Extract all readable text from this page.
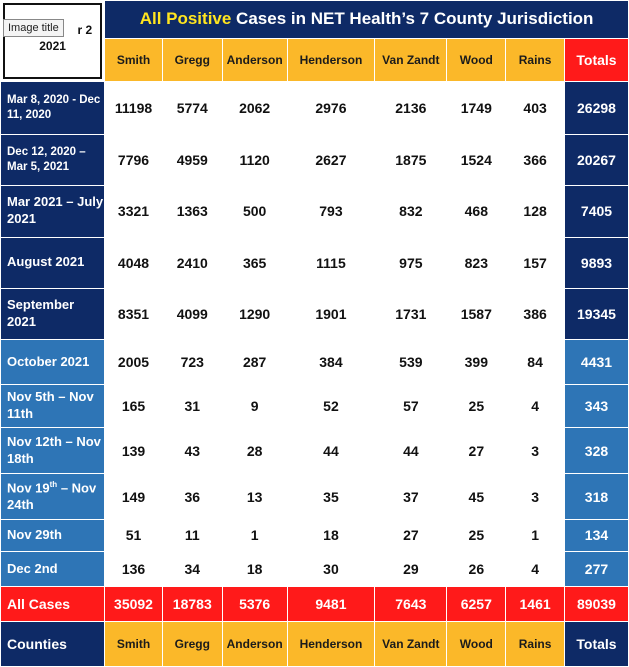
r 2
2021
Image title	All Positive Cases in NET Health’s 7 County Jurisdiction							
	Smith	Gregg	Anderson	Henderson	Van Zandt	Wood	Rains	Totals
Mar 8, 2020 - Dec 11, 2020	11198	5774	2062	2976	2136	1749	403	26298
Dec 12, 2020 – Mar 5, 2021	7796	4959	1120	2627	1875	1524	366	20267
Mar 2021 – July 2021	3321	1363	500	793	832	468	128	7405
August 2021	4048	2410	365	1115	975	823	157	9893
September 2021	8351	4099	1290	1901	1731	1587	386	19345
October 2021	2005	723	287	384	539	399	84	4431
Nov 5th – Nov 11th	165	31	9	52	57	25	4	343
Nov 12th – Nov 18th	139	43	28	44	44	27	3	328
Nov 19th – Nov 24th	149	36	13	35	37	45	3	318
Nov 29th	51	11	1	18	27	25	1	134
Dec 2nd	136	34	18	30	29	26	4	277
All Cases	35092	18783	5376	9481	7643	6257	1461	89039
Counties	Smith	Gregg	Anderson	Henderson	Van Zandt	Wood	Rains	Totals
